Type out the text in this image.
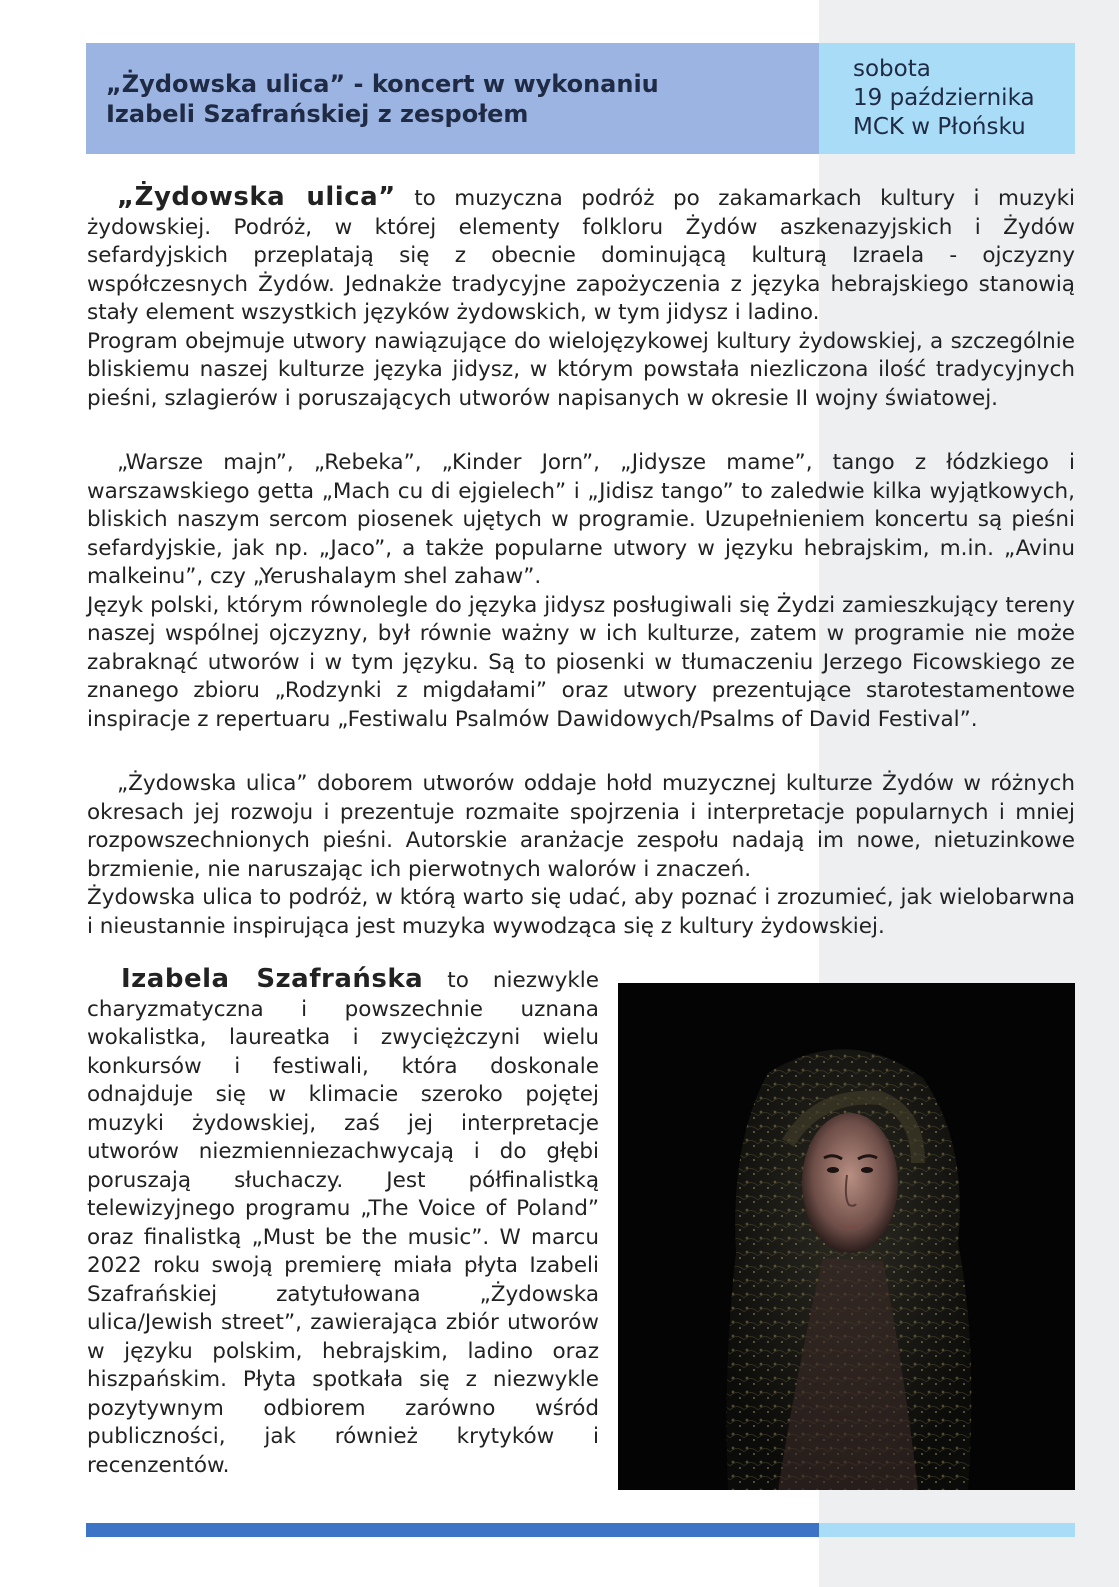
„Żydowska ulica” - koncert w wykonaniu
Izabeli Szafrańskiej z zespołem
sobota
19 października
MCK w Płońsku

„Żydowska ulica” to muzyczna podróż po zakamarkach kultury i muzyki żydowskiej. Podróż, w której elementy folkloru Żydów aszkenazyjskich i Żydów sefardyjskich przeplatają się z obecnie dominującą kulturą Izraela - ojczyzny współczesnych Żydów. Jednakże tradycyjne zapożyczenia z języka hebrajskiego stanowią stały element wszystkich języków żydowskich, w tym jidysz i ladino.

Program obejmuje utwory nawiązujące do wielojęzykowej kultury żydowskiej, a szczególnie bliskiemu naszej kulturze języka jidysz, w którym powstała niezliczona ilość tradycyjnych pieśni, szlagierów i poruszających utworów napisanych w okresie II wojny światowej.

„Warsze majn”, „Rebeka”, „Kinder Jorn”, „Jidysze mame”, tango z łódzkiego i warszawskiego getta „Mach cu di ejgielech” i „Jidisz tango” to zaledwie kilka wyjątkowych, bliskich naszym sercom piosenek ujętych w programie. Uzupełnieniem koncertu są pieśni sefardyjskie, jak np. „Jaco”, a także popularne utwory w języku hebrajskim, m.in. „Avinu malkeinu”, czy „Yerushalaym shel zahaw”.

Język polski, którym równolegle do języka jidysz posługiwali się Żydzi zamieszkujący tereny naszej wspólnej ojczyzny, był równie ważny w ich kulturze, zatem w programie nie może zabraknąć utworów i w tym języku. Są to piosenki w tłumaczeniu Jerzego Ficowskiego ze znanego zbioru „Rodzynki z migdałami” oraz utwory prezentujące starotestamentowe inspiracje z repertuaru „Festiwalu Psalmów Dawidowych/Psalms of David Festival”.

„Żydowska ulica” doborem utworów oddaje hołd muzycznej kulturze Żydów w różnych okresach jej rozwoju i prezentuje rozmaite spojrzenia i interpretacje popularnych i mniej rozpowszechnionych pieśni. Autorskie aranżacje zespołu nadają im nowe, nietuzinkowe brzmienie, nie naruszając ich pierwotnych walorów i znaczeń.

Żydowska ulica to podróż, w którą warto się udać, aby poznać i zrozumieć, jak wielobarwna i nieustannie inspirująca jest muzyka wywodząca się z kultury żydowskiej.

Izabela Szafrańska to niezwykle charyzmatyczna i powszechnie uznana wokalistka, laureatka i zwyciężczyni wielu konkursów i festiwali, która doskonale odnajduje się w klimacie szeroko pojętej muzyki żydowskiej, zaś jej interpretacje utworów niezmienniezachwycają i do głębi poruszają słuchaczy. Jest półfinalistką telewizyjnego programu „The Voice of Poland” oraz finalistką „Must be the music”. W marcu 2022 roku swoją premierę miała płyta Izabeli Szafrańskiej zatytułowana „Żydowska ulica/Jewish street”, zawierająca zbiór utworów w języku polskim, hebrajskim, ladino oraz hiszpańskim. Płyta spotkała się z niezwykle pozytywnym odbiorem zarówno wśród publiczności, jak również krytyków i recenzentów.
